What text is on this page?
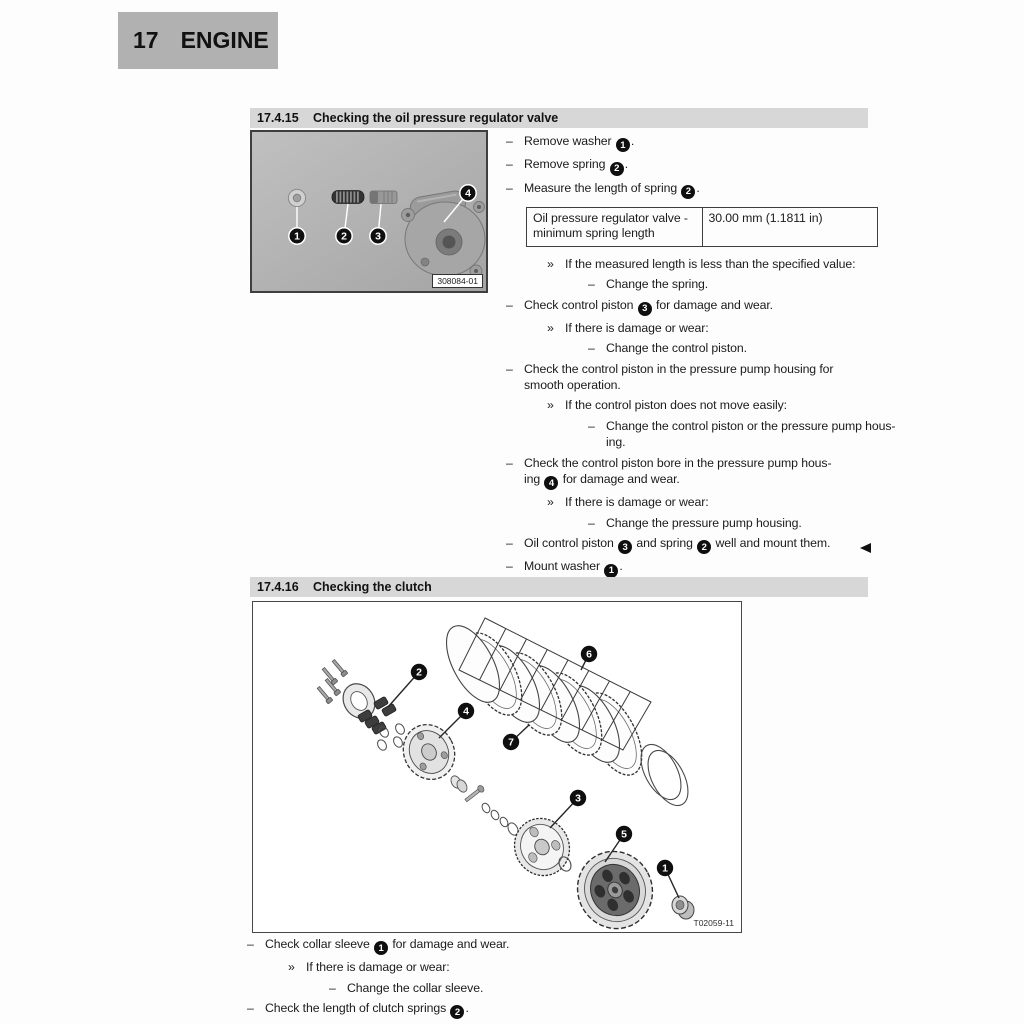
17 ENGINE
17.4.15	Checking the oil pressure regulator valve
1	2	3
4
308084-01
– Remove washer 1 .
– Remove spring 2 .
– Measure the length of spring 2 .
Oil pressure regulator valve -
minimum spring length	30.00 mm (1.1811 in)
» If the measured length is less than the specified value:
– Change the spring.
– Check control piston 3 for damage and wear.
» If there is damage or wear:
– Change the control piston.
– Check the control piston in the pressure pump housing for
smooth operation.
» If the control piston does not move easily:
– Change the control piston or the pressure pump hous-
ing.
– Check the control piston bore in the pressure pump hous-
ing 4 for damage and wear.
» If there is damage or wear:
– Change the pressure pump housing.
– Oil control piston 3 and spring 2 well and mount them.
– Mount washer 1 .
17.4.16	Checking the clutch
2
4
6
7
3
5
1
T02059-11
– Check collar sleeve 1 for damage and wear.
» If there is damage or wear:
– Change the collar sleeve.
– Check the length of clutch springs 2 .
